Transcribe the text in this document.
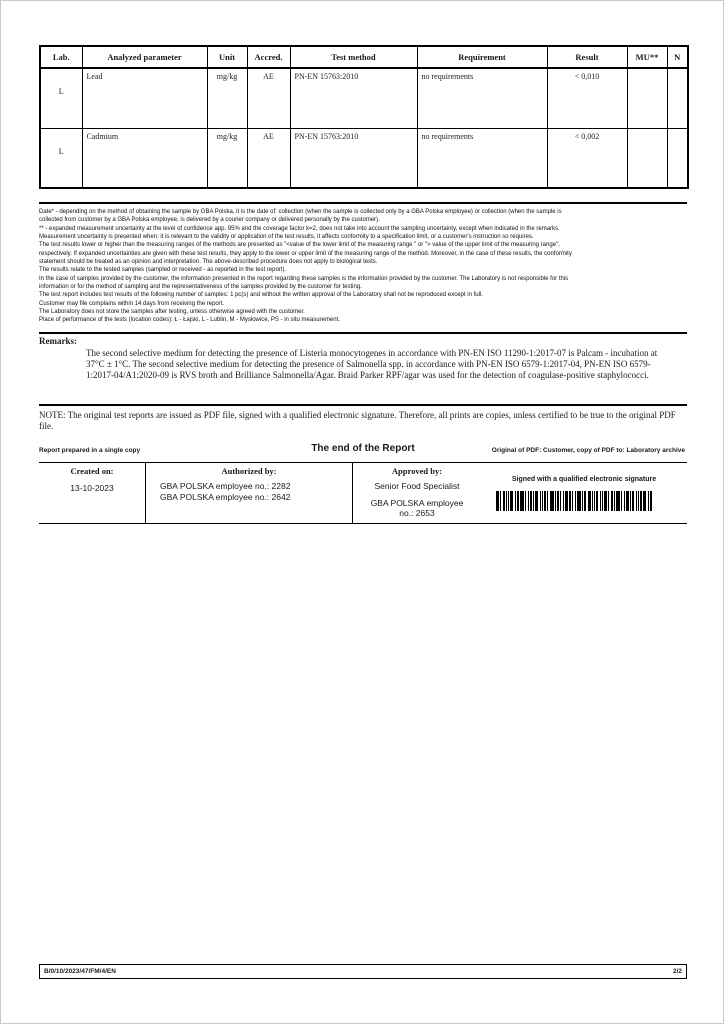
Lab.	Analyzed parameter	Unit	Accred.	Test method	Requirement	Result	MU**	N
L	Lead	mg/kg	AE	PN-EN 15763:2010	no requirements	< 0,010		
L	Cadmium	mg/kg	AE	PN-EN 15763:2010	no requirements	< 0,002		
Date* - depending on the method of obtaining the sample by GBA Polska, it is the date of: collection (when the sample is collected only by a GBA Polska employee) or collection (when the sample is
collected from customer by a GBA Polska employee, is delivered by a courier company or delivered personally by the customer).
** - expanded measurement uncertainty at the level of confidence app. 95% and the coverage factor k=2, does not take into account the sampling uncertainty, except when indicated in the remarks.
Measurement uncertainty is presented when: it is relevant to the validity or application of the test results, it affects conformity to a specification limit, or a customer's instruction so requires.
The test results lower or higher than the measuring ranges of the methods are presented as "<value of the lower limit of the measuring range " or "> value of the upper limit of the measuring range",
respectively. If expanded uncertainties are given with these test results, they apply to the lower or upper limit of the measuring range of the method. Moreover, in the case of these results, the conformity
statement should be treated as an opinion and interpretation. The above-described procedure does not apply to biological tests.
The results relate to the tested samples (sampled or received - as reported in the test report).
In the case of samples provided by the customer, the information presented in the report regarding these samples is the information provided by the customer. The Laboratory is not responsible for this
information or for the method of sampling and the representativeness of the samples provided by the customer for testing.
The test report includes test results of the following number of samples: 1 pc(s) and without the written approval of the Laboratory shall not be reproduced except in full.
Customer may file complains within 14 days from receiving the report.
The Laboratory does not store the samples after testing, unless otherwise agreed with the customer.
Place of performance of the tests (location codes): Ł - Łajski, L - Lublin, M - Mysłowice, PS - in situ measurement.
Remarks:
The second selective medium for detecting the presence of Listeria monocytogenes in accordance with PN-EN ISO 11290-1:2017-07 is Palcam - incubation at 37°C ± 1°C. The second selective medium for detecting the presence of Salmonella spp. in accordance with PN-EN ISO 6579-1:2017-04, PN-EN ISO 6579-1:2017-04/A1:2020-09 is RVS broth and Brilliance Salmonella/Agar. Braid Parker RPF/agar was used for the detection of coagulase-positive staphylococci.
NOTE: The original test reports are issued as PDF file, signed with a qualified electronic signature. Therefore, all prints are copies, unless certified to be true to the original PDF file.
Report prepared in a single copy	The end of the Report	Original of PDF: Customer, copy of PDF to: Laboratory archive
Created on:
13-10-2023
Authorized by:
GBA POLSKA employee no.: 2282
GBA POLSKA employee no.: 2642
Approved by:
Senior Food Specialist
GBA POLSKA employee no.: 2653
Signed with a qualified electronic signature
B/0/10/2023/47/FM/4/EN	2/2
